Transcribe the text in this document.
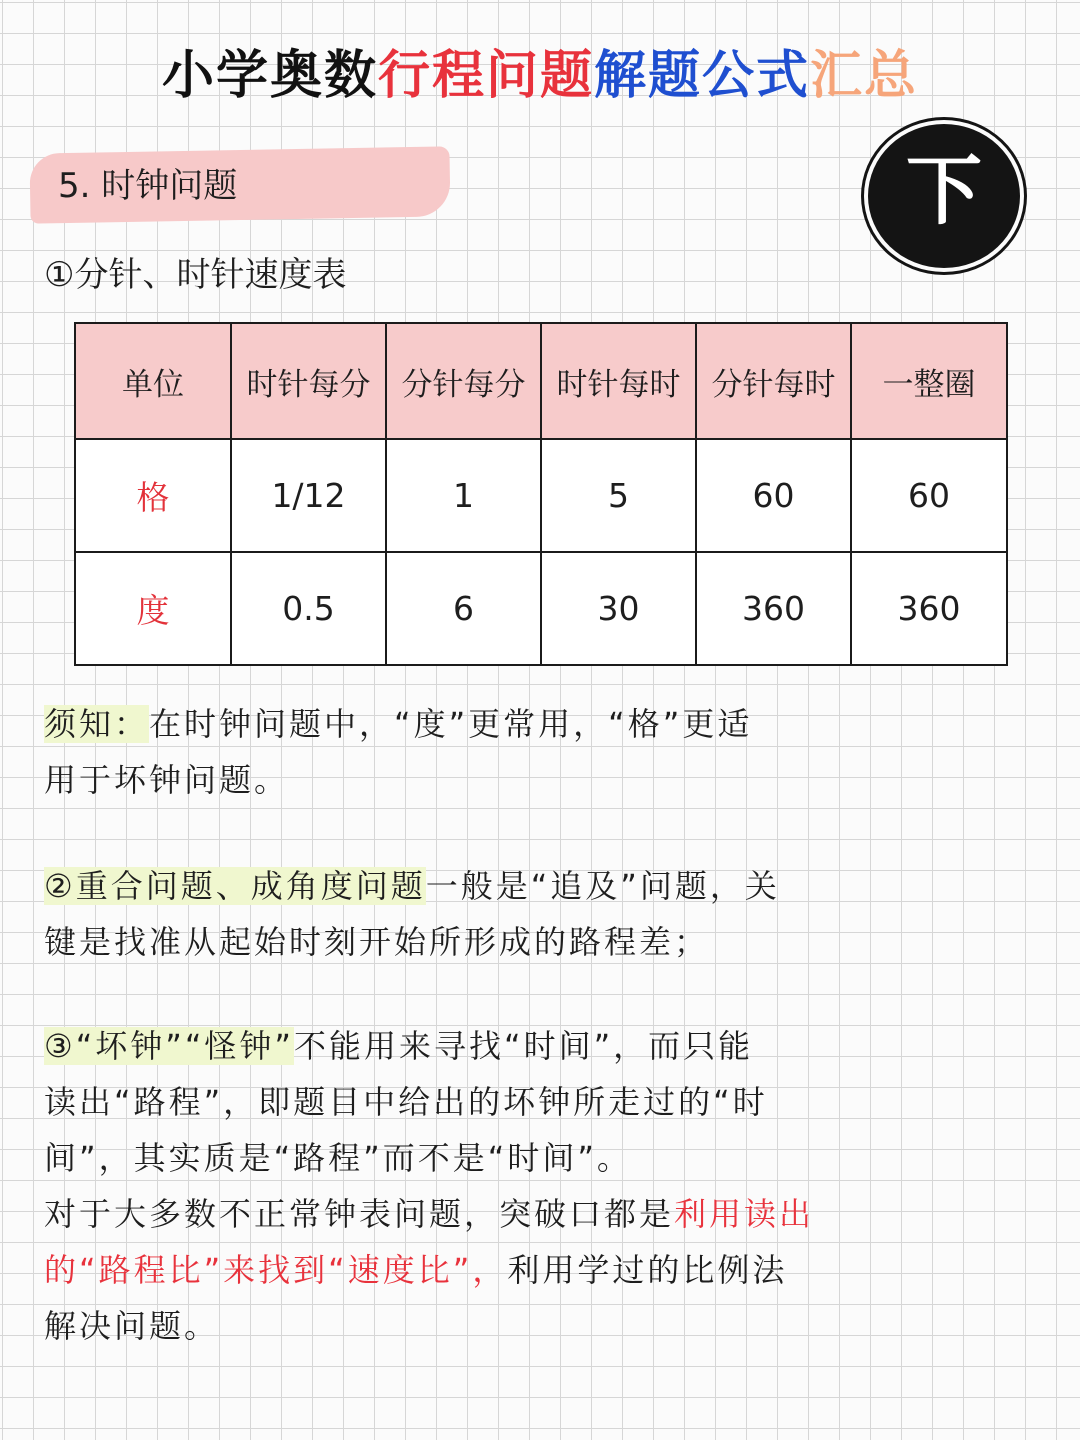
小学奥数行程问题解题公式汇总
5. 时钟问题	下
①分针、时针速度表
单位	时针每分	分针每分	时针每时	分针每时	一整圈
格	1/12	1	5	60	60
度	0.5	6	30	360	360
须知：在时钟问题中，“度”更常用，“格”更适
用于坏钟问题。
②重合问题、成角度问题一般是“追及”问题，关
键是找准从起始时刻开始所形成的路程差；
③“坏钟”“怪钟”不能用来寻找“时间”，而只能
读出“路程”，即题目中给出的坏钟所走过的“时
间”，其实质是“路程”而不是“时间”。
对于大多数不正常钟表问题，突破口都是利用读出
的“路程比”来找到“速度比”，利用学过的比例法
解决问题。
